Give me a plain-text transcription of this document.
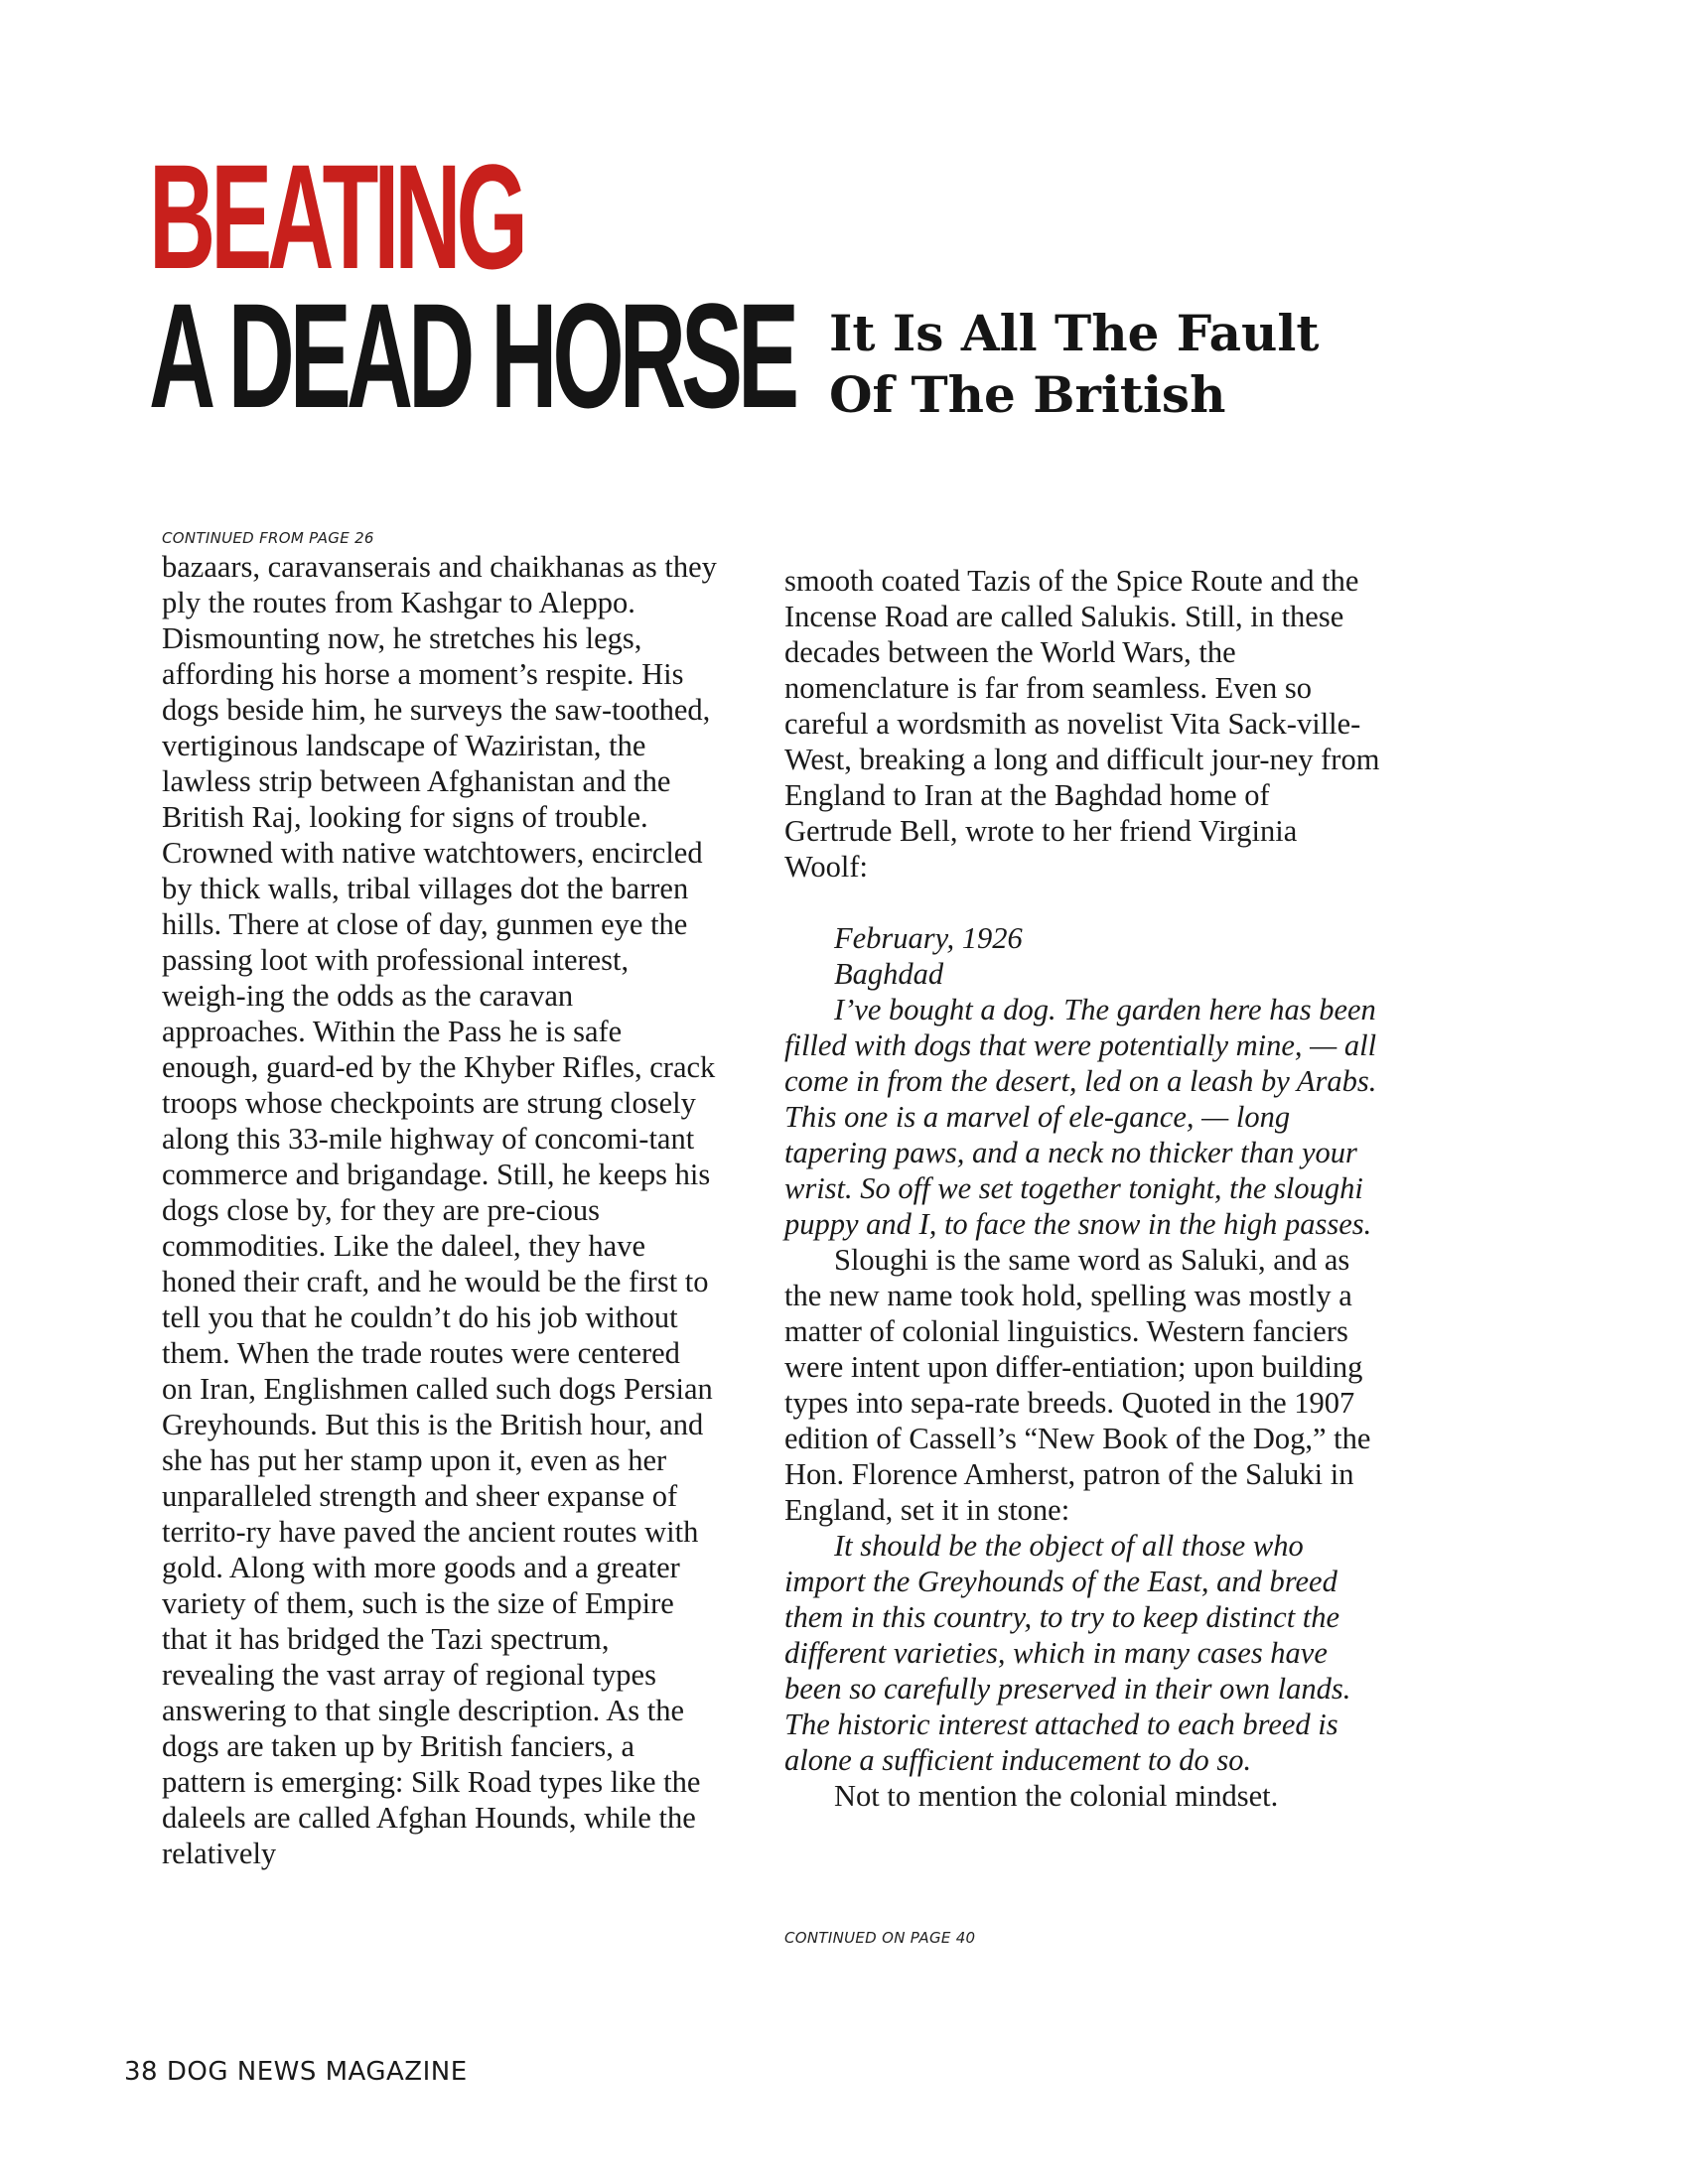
BEATING
A DEAD HORSE It Is All The Fault
Of The British
CONTINUED FROM PAGE 26

bazaars, caravanserais and chaikhanas as they ply the routes from Kashgar to Aleppo. Dismounting now, he stretches his legs, affording his horse a moment’s respite. His dogs beside him, he surveys the saw-toothed, vertiginous landscape of Waziristan, the lawless strip between Afghanistan and the British Raj, looking for signs of trouble. Crowned with native watchtowers, encircled by thick walls, tribal villages dot the barren hills. There at close of day, gunmen eye the passing loot with professional interest, weigh-ing the odds as the caravan approaches. Within the Pass he is safe enough, guard-ed by the Khyber Rifles, crack troops whose checkpoints are strung closely along this 33-mile highway of concomi-tant commerce and brigandage. Still, he keeps his dogs close by, for they are pre-cious commodities. Like the daleel, they have honed their craft, and he would be the first to tell you that he couldn’t do his job without them. When the trade routes were centered on Iran, Englishmen called such dogs Persian Greyhounds. But this is the British hour, and she has put her stamp upon it, even as her unparalleled strength and sheer expanse of territo-ry have paved the ancient routes with gold. Along with more goods and a greater variety of them, such is the size of Empire that it has bridged the Tazi spectrum, revealing the vast array of regional types answering to that single description. As the dogs are taken up by British fanciers, a pattern is emerging: Silk Road types like the daleels are called Afghan Hounds, while the relatively

smooth coated Tazis of the Spice Route and the Incense Road are called Salukis. Still, in these decades between the World Wars, the nomenclature is far from seamless. Even so careful a wordsmith as novelist Vita Sack-ville-West, breaking a long and difficult jour-ney from England to Iran at the Baghdad home of Gertrude Bell, wrote to her friend Virginia Woolf:

February, 1926

Baghdad

I’ve bought a dog. The garden here has been filled with dogs that were potentially mine, — all come in from the desert, led on a leash by Arabs. This one is a marvel of ele-gance, — long tapering paws, and a neck no thicker than your wrist. So off we set together tonight, the sloughi puppy and I, to face the snow in the high passes.

Sloughi is the same word as Saluki, and as the new name took hold, spelling was mostly a matter of colonial linguistics. Western fanciers were intent upon differ-entiation; upon building types into sepa-rate breeds. Quoted in the 1907 edition of Cassell’s “New Book of the Dog,” the Hon. Florence Amherst, patron of the Saluki in England, set it in stone:

It should be the object of all those who import the Greyhounds of the East, and breed them in this country, to try to keep distinct the different varieties, which in many cases have been so carefully preserved in their own lands. The historic interest attached to each breed is alone a sufficient inducement to do so.

Not to mention the colonial mindset.

CONTINUED ON PAGE 40
38 DOG NEWS MAGAZINE
